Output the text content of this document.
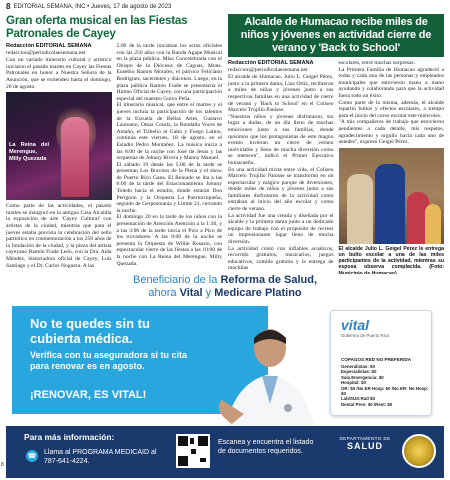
8 EDITORIAL SEMANA, INC • Jueves, 17 de agosto de 2023
Gran oferta musical en las Fiestas Patronales de Cayey
Redacción EDITORIAL SEMANA
redaccion@periodicolaesemana.net

Con un variado itinerario cultural y artístico iniciaron el pasado martes en Cayey las Fiestas Patronales en honor a Nuestra Señora de la Asunción, que se extienden hasta el domingo, 20 de agosto.

La Reina del Merengue, Milly Quezada

Como parte de las actividades, el pasado martes se inauguró en la antigua Casa Alcaldía la exposición de arte 'Cayey Cultural' con artistas de la ciudad, mientras que para el jueves estaba prevista la celebración del sello patriótico en conmemoración a los 250 años de la fundación de la ciudad, y la pieza del artista cayeyano Ramón Frade León, con la Dra. Aida Méndez, historiadora oficial de Cayey, Luis Santiago y el Dr. Carlos Noguera. A las

5:00 de la tarde iniciaban los actos oficiales con las 250 años con la Banda Agape Musical en la plaza pública. Misa Concelebrada con el Obispo de la Diócesis de Caguas, Mons. Eusebio Ramos Morales, el párroco Feliciano Rodríguez, sacerdotes y diáconos. Luego, en la plaza pública Ramón Frade se presentaría el Himno Oficial de Cayey, con una participación especial del maestro Guivo Peña.
El itinerario musical, que entre el martes y el jueves incluía la participación de los talentos de la Escuela de Bellas Artes, Gustavo Laureano, Omar Courtz, la Rondalla Voces de Antaño, el Trihelio al Galio y Fuego Latino, continúa este viernes, 18 de agosto, en el Estadio Pedro Montañez. La música inicia a las 8:00 de la noche con José de Jesús y las orquestas de Johnny Rivera y Manny Manuel.
El sábado 19 desde las 5:00 de la tarde se presentan Los Bravitos de la Plena y el show de Puerto Rico Gana. El Reinado se iba a las 6:00 de la tarde del Estacionamiento Johnny Toledo hacia el estadio, donde estarán Don Perignon y la Orquesta La Puertorriqueña, seguido de Gerposmania y Limite 21, cerrando la noche.
El domingo 20 en la tarde de los niños con la presentación de Atención Atención a la 1:30, y a las 3:00 de la tarde inicia el Pico a Pico de los trovadores. A las 8:00 de la noche se presenta la Orquesta de Willie Rosario, con espectacular cierre de las fiestas a las 10:00 de la noche con La Reina del Merengue, Milly Quezada.

Alcalde de Humacao recibe miles de niños y jóvenes en actividad cierre de verano y 'Back to School'
Redacción EDITORIAL SEMANA
redaccion@periodicolaesemana.net

El alcalde de Humacao, Julio L. Geigel Pérez, junto a la primera dama, Liza Ortiz, recibieron a miles de niños y jóvenes junto a sus respectivas familias en una actividad de cierre de verano y 'Back to School' en el Coliseo Marcelo Trujillo Panisse.
"Nuestros niños y jóvenes disfrutaron, sin lugar a dudas, de un día lleno de muchas emociones junto a sus familias, donde quisimos que los protagonistas de este magno evento tuvieran un cierre de verano inolvidable y lleno de mucha diversión como se merecen", indicó el Primer Ejecutivo humacaeño.
En una actividad mixta entre vida, el Coliseo Marcelo Trujillo Panisse se transformó en un espectacular y mágico parque de diversiones, donde miles de niños y jóvenes junto a sus familiares disfrutaron de la actividad como entraban al inicio del año escolar y como cierre de verano.
La actividad fue una creada y diseñada por el alcalde y la primera dama junto a un dedicado equipo de trabajo con el propósito de recrear un impresionante lugar lleno de mucha diversión.
La actividad contó con inflables acuáticos, recorrido gratuitos, musicarios, juegos educativos, comida gratuita y la entrega de mochilas

escolares, entre muchas sorpresas.
La Primera Familia de Humacao agradeció a todas y cada una de las personas y empleados municipales que estuvieron mano a mano ayudando y colaborando para que la actividad fuera todo un éxito.
Como parte de la misma, además, el alcalde repartió bultos y efectos escolares, a tiempo para el inicio del curso escolar este miércoles.
"A mis compañeros de trabajo que estuvieron pendientes a cada detalle, mis respetos, agradecimiento y orgullo hacia cada uno de ustedes", expresó Geigel Pérez.

El alcalde Julio L. Geigel Pérez le entrega un bulto escolar a una de las miles participantes de la actividad, mientras su esposa observa complacida. (Foto:
Beneficiario de la Reforma de Salud,
ahora Vital y Medicare Platino
No te quedes sin tu cubierta médica.
vital
Gobierno de Puerto Rico
COPAGOS RED NO PREFERIDA
Generalistas: $0
Especialistas: $0
Sala Emergencia: $0
Hospital: $0
OR: $0 /No ER Hosp: $0 /No ER: No Hosp: $0
Lab/SUS:Rad $0
Dental Prev: $0 /Rest: $0
Verifica con tu aseguradora si tu cita para renovar es en agosto.
¡RENOVAR, ES VITAL!
Para más información:
☎ Llama al PROGRAMA MEDICAID al 787-641-4224.
Escanea y encuentra el listado de documentos requeridos.
DEPARTAMENTO DE
SALUD
8
